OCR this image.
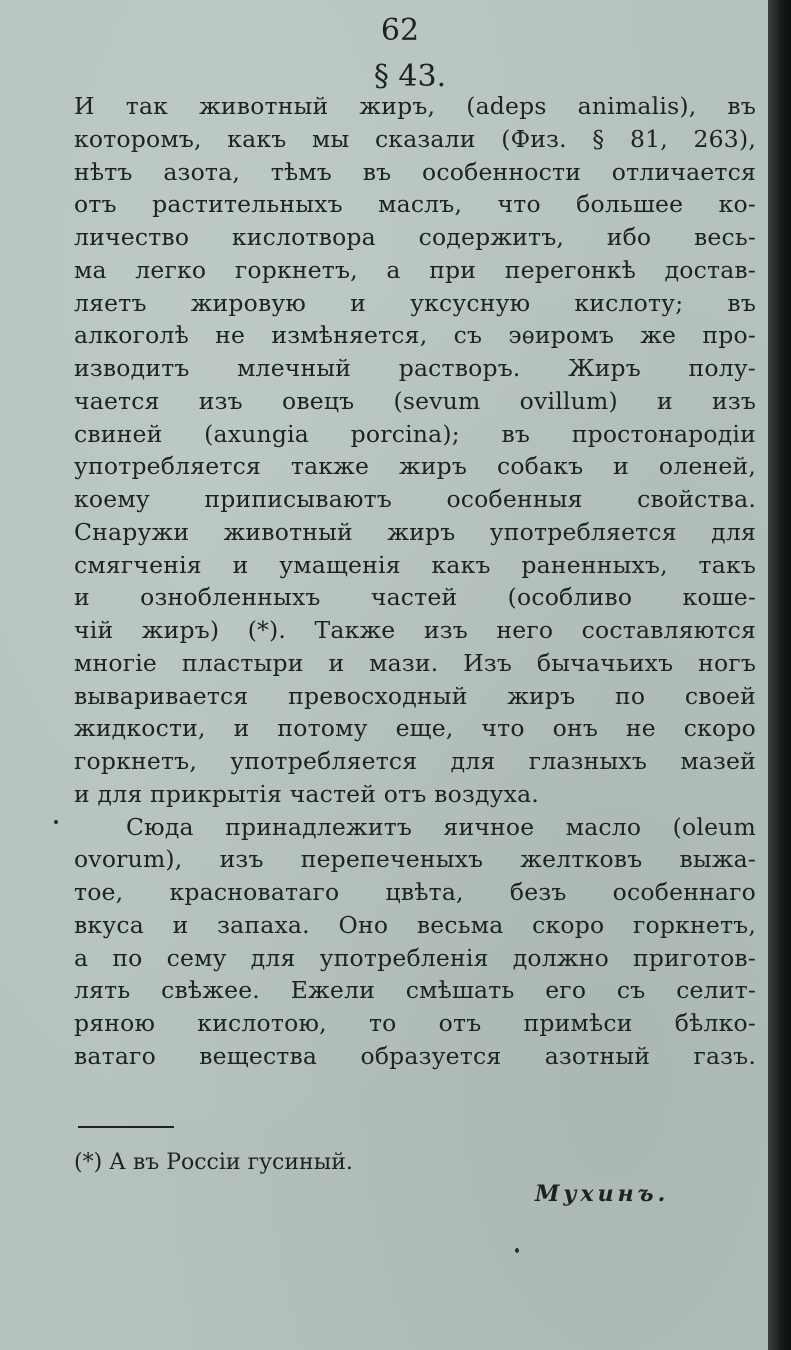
62
§ 43.
И так животный жиръ, (adeps animalis), въ
которомъ, какъ мы сказали (Физ. § 81, 263),
нѣтъ азота, тѣмъ въ особенности отличается
отъ растительныхъ маслъ, что большее ко-
личество кислотвора содержитъ, ибо весь-
ма легко горкнетъ, а при перегонкѣ достав-
ляетъ жировую и уксусную кислоту; въ
алкоголѣ не измѣняется, съ эѳиромъ же про-
изводитъ млечный растворъ. Жиръ полу-
чается изъ овецъ (sevum ovillum) и изъ
свиней (axungia porcina); въ простонародіи
употребляется также жиръ собакъ и оленей,
коему приписываютъ особенныя свойства.
Снаружи животный жиръ употребляется для
смягченія и умащенія какъ раненныхъ, такъ
и ознобленныхъ частей (особливо коше-
чій жиръ) (*). Также изъ него составляются
многіе пластыри и мази. Изъ бычачьихъ ногъ
вывариваетcя превосходный жиръ по своей
жидкости, и потому еще, что онъ не скоро
горкнетъ, употребляется для глазныхъ мазей
и для прикрытія частей отъ воздуха.
Сюда принадлежитъ яичное масло (oleum
ovorum), изъ перепеченыхъ желтковъ выжа-
тое, красноватаго цвѣта, безъ особеннаго
вкуса и запаха. Оно весьма скоро горкнетъ,
а по сему для употребленія должно приготов-
лять свѣжее. Ежели смѣшать его съ селит-
ряною кислотою, то отъ примѣси бѣлко-
ватаго вещества образуется азотный газъ.
(*) А въ Россіи гусиный.
Мухинъ.
